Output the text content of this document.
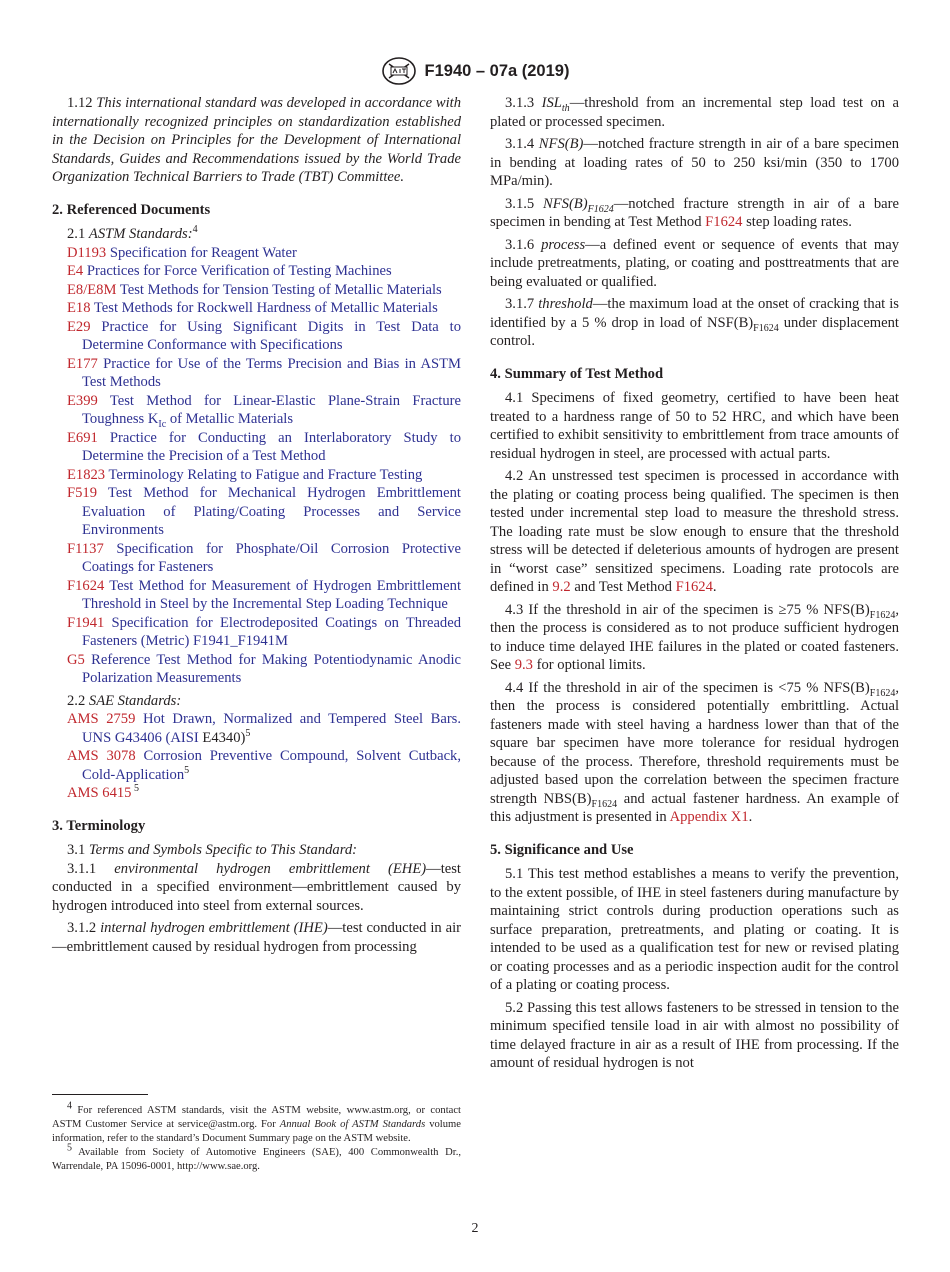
F1940 – 07a (2019)

1.12 This international standard was developed in accordance with internationally recognized principles on standardization established in the Decision on Principles for the Development of International Standards, Guides and Recommendations issued by the World Trade Organization Technical Barriers to Trade (TBT) Committee.

2. Referenced Documents

2.1 ASTM Standards:$^4$

D1193 Specification for Reagent Water

E4 Practices for Force Verification of Testing Machines

E8/E8M Test Methods for Tension Testing of Metallic Materials

E18 Test Methods for Rockwell Hardness of Metallic Materials

E29 Practice for Using Significant Digits in Test Data to Determine Conformance with Specifications

E177 Practice for Use of the Terms Precision and Bias in ASTM Test Methods

E399 Test Method for Linear-Elastic Plane-Strain Fracture Toughness $K_{Ic}$ of Metallic Materials

E691 Practice for Conducting an Interlaboratory Study to Determine the Precision of a Test Method

E1823 Terminology Relating to Fatigue and Fracture Testing

F519 Test Method for Mechanical Hydrogen Embrittlement Evaluation of Plating/Coating Processes and Service Environments

F1137 Specification for Phosphate/Oil Corrosion Protective Coatings for Fasteners

F1624 Test Method for Measurement of Hydrogen Embrittlement Threshold in Steel by the Incremental Step Loading Technique

F1941 Specification for Electrodeposited Coatings on Threaded Fasteners (Metric) F1941_F1941M

G5 Reference Test Method for Making Potentiodynamic Anodic Polarization Measurements

2.2 SAE Standards:

AMS 2759 Hot Drawn, Normalized and Tempered Steel Bars. UNS G43406 (AISI E4340)$^5$

AMS 3078 Corrosion Preventive Compound, Solvent Cutback, Cold-Application$^5$

AMS 6415 $^5$

3. Terminology

3.1 Terms and Symbols Specific to This Standard:

3.1.1 environmental hydrogen embrittlement (EHE)—test conducted in a specified environment—embrittlement caused by hydrogen introduced into steel from external sources.

3.1.2 internal hydrogen embrittlement (IHE)—test conducted in air—embrittlement caused by residual hydrogen from processing

$^4$ For referenced ASTM standards, visit the ASTM website, www.astm.org, or contact ASTM Customer Service at service@astm.org. For Annual Book of ASTM Standards volume information, refer to the standard’s Document Summary page on the ASTM website.

$^5$ Available from Society of Automotive Engineers (SAE), 400 Commonwealth Dr., Warrendale, PA 15096-0001, http://www.sae.org.

3.1.3 $ISL_{th}—threshold$ from an incremental step load test on a plated or processed specimen.

3.1.4 NFS(B)—notched fracture strength in air of a bare specimen in bending at loading rates of 50 to 250 ksi/min (350 to 1700 MPa/min).

3.1.5 $NFS(B)_{F1624}—notched$ fracture strength in air of a bare specimen in bending at Test Method F1624 step loading rates.

3.1.6 process—a defined event or sequence of events that may include pretreatments, plating, or coating and posttreatments that are being evaluated or qualified.

3.1.7 threshold—the maximum load at the onset of cracking that is identified by a 5 % drop in load of $NSF(B)_{F1624}$ under displacement control.

4. Summary of Test Method

4.1 Specimens of fixed geometry, certified to have been heat treated to a hardness range of 50 to 52 HRC, and which have been certified to exhibit sensitivity to embrittlement from trace amounts of residual hydrogen in steel, are processed with actual parts.

4.2 An unstressed test specimen is processed in accordance with the plating or coating process being qualified. The specimen is then tested under incremental step load to measure the threshold stress. The loading rate must be slow enough to ensure that the threshold stress will be detected if deleterious amounts of hydrogen are present in “worst case” sensitized specimens. Loading rate protocols are defined in 9.2 and Test Method F1624.

4.3 If the threshold in air of the specimen is ≥75 % $NFS(B)_{F1624}$, then the process is considered as to not produce sufficient hydrogen to induce time delayed IHE failures in the plated or coated fasteners. See 9.3 for optional limits.

4.4 If the threshold in air of the specimen is <75 % $NFS(B)_{F1624}$, then the process is considered potentially embrittling. Actual fasteners made with steel having a hardness lower than that of the square bar specimen have more tolerance for residual hydrogen because of the process. Therefore, threshold requirements must be adjusted based upon the correlation between the specimen fracture strength $NBS(B)_{F1624}$ and actual fastener hardness. An example of this adjustment is presented in Appendix X1.

5. Significance and Use

5.1 This test method establishes a means to verify the prevention, to the extent possible, of IHE in steel fasteners during manufacture by maintaining strict controls during production operations such as surface preparation, pretreatments, and plating or coating. It is intended to be used as a qualification test for new or revised plating or coating processes and as a periodic inspection audit for the control of a plating or coating process.

5.2 Passing this test allows fasteners to be stressed in tension to the minimum specified tensile load in air with almost no possibility of time delayed fracture in air as a result of IHE from processing. If the amount of residual hydrogen is not

2
